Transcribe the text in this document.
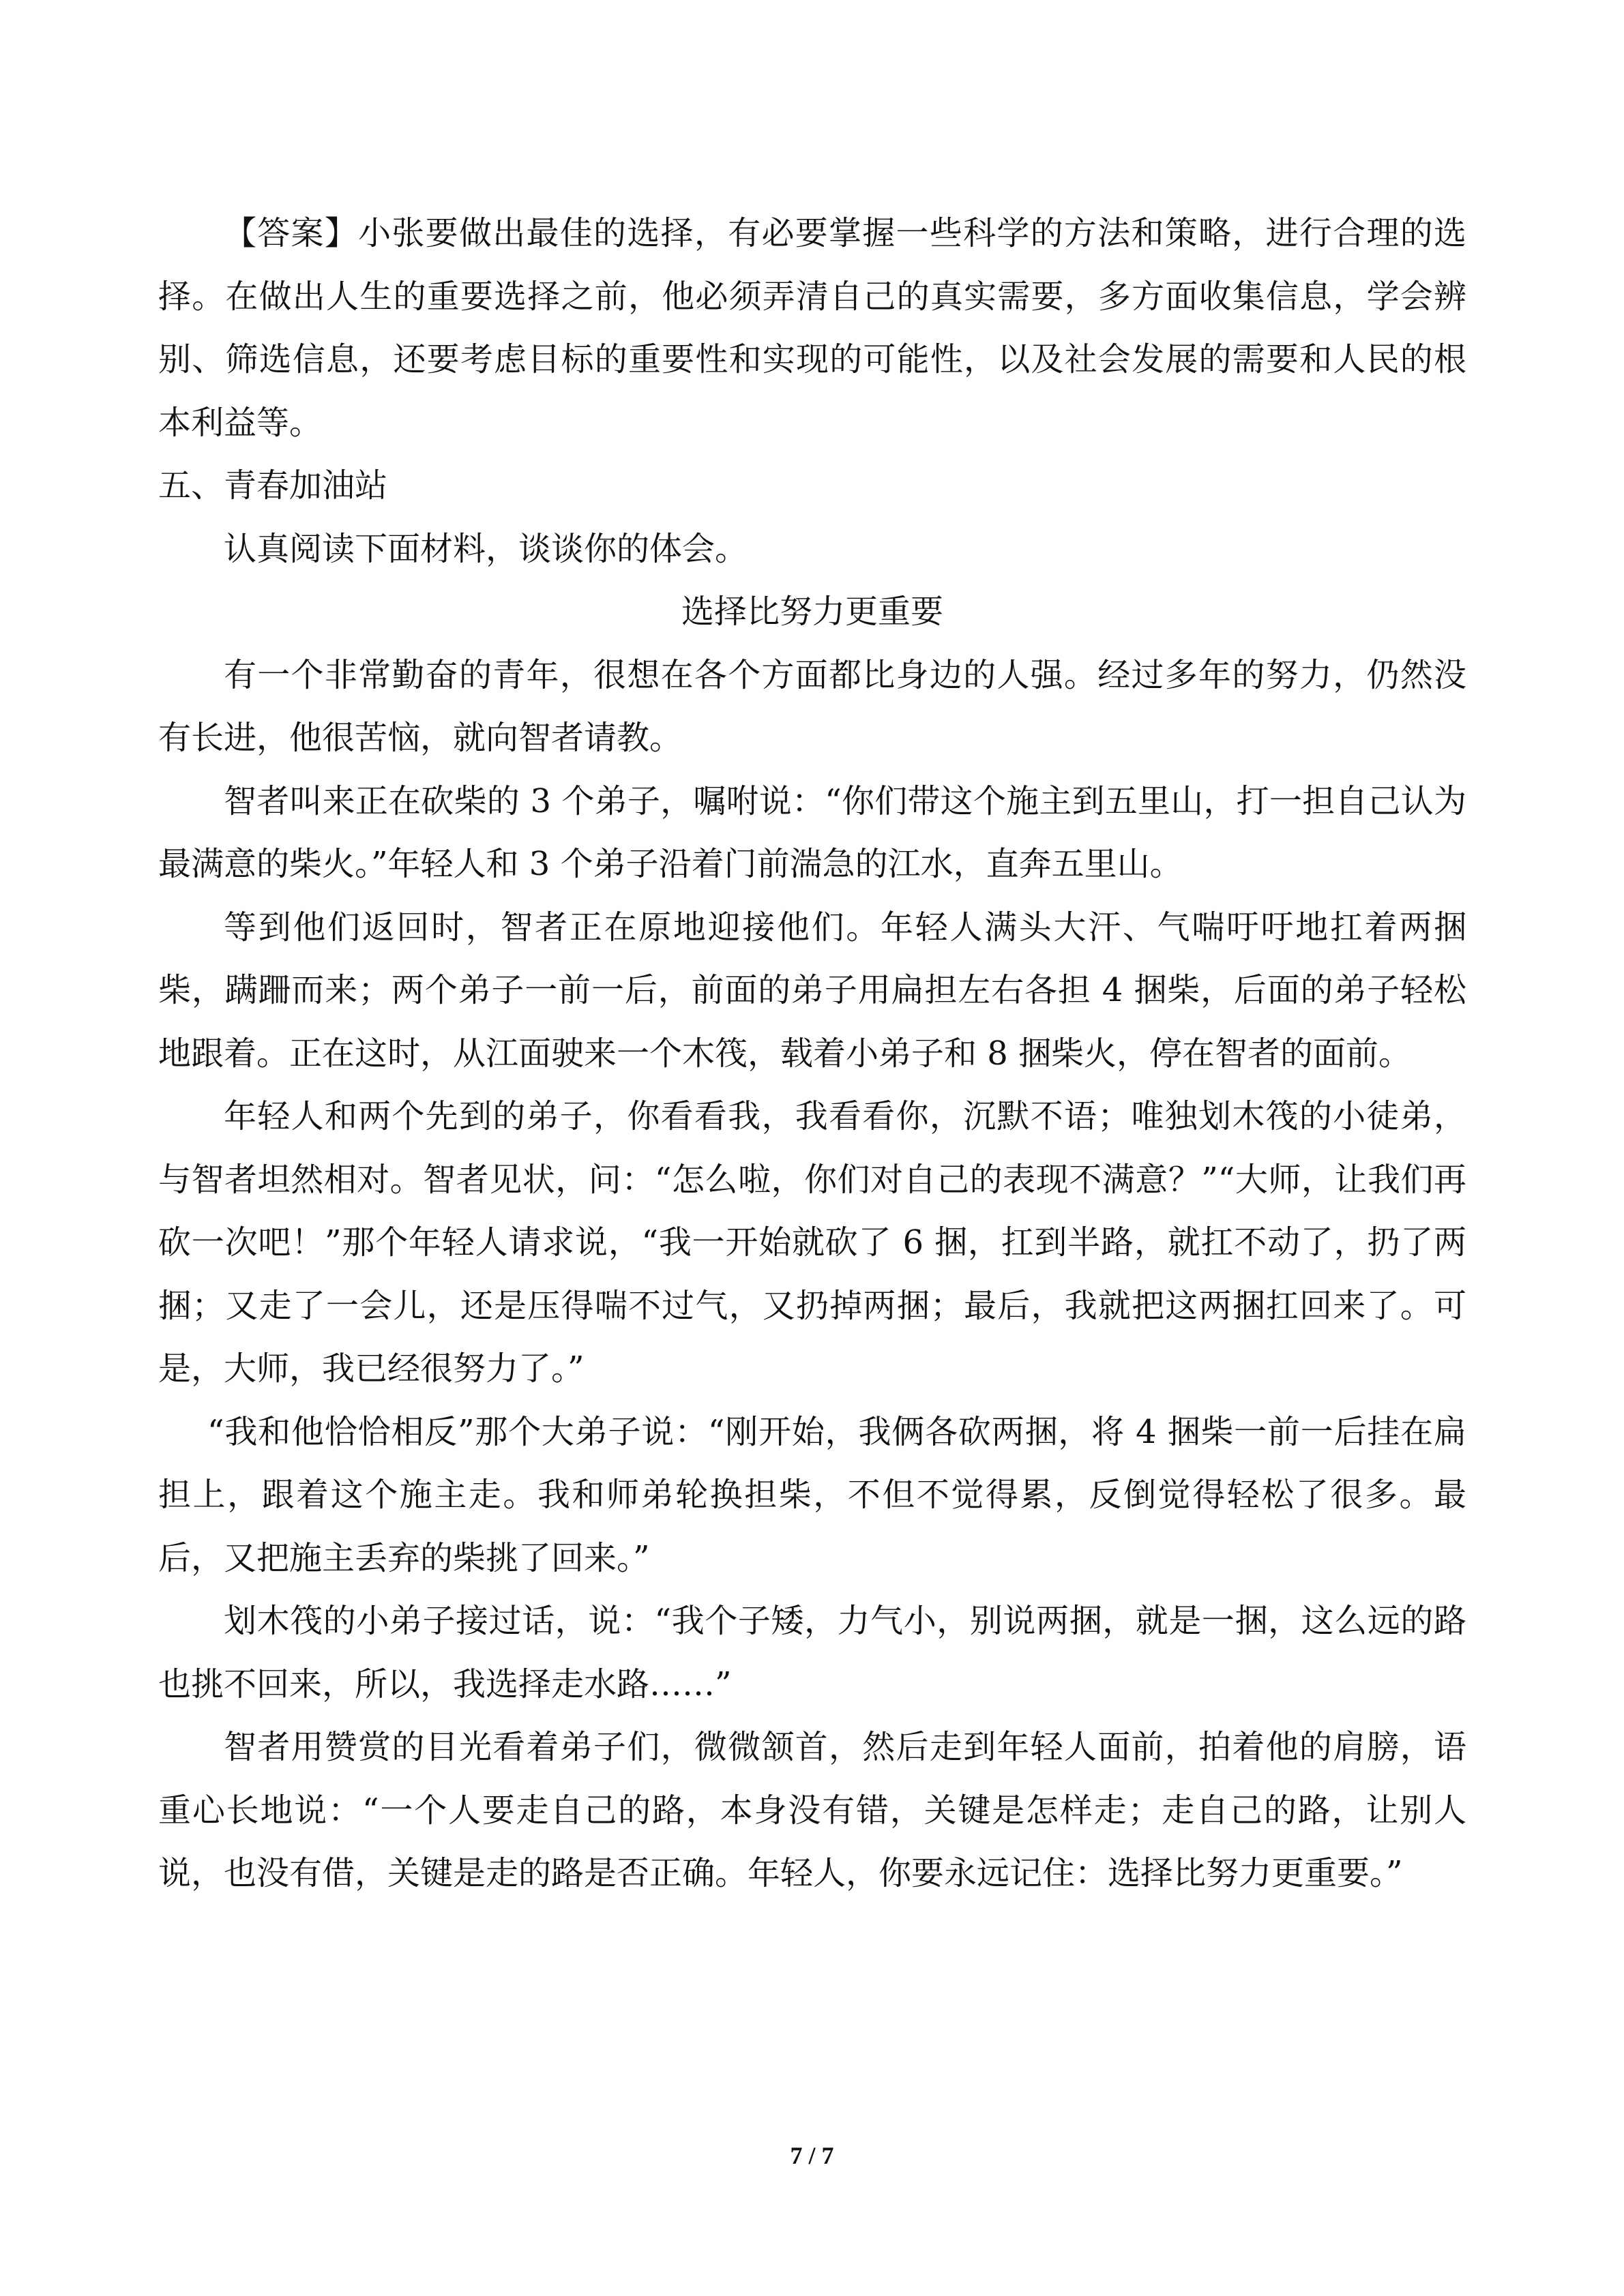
【答案】小张要做出最佳的选择，有必要掌握一些科学的方法和策略，进行合理的选择。在做出人生的重要选择之前，他必须弄清自己的真实需要，多方面收集信息，学会辨别、筛选信息，还要考虑目标的重要性和实现的可能性，以及社会发展的需要和人民的根本利益等。

五、青春加油站

认真阅读下面材料，谈谈你的体会。

选择比努力更重要

有一个非常勤奋的青年，很想在各个方面都比身边的人强。经过多年的努力，仍然没有长进，他很苦恼，就向智者请教。

智者叫来正在砍柴的 3 个弟子，嘱咐说：“你们带这个施主到五里山，打一担自己认为最满意的柴火。”年轻人和 3 个弟子沿着门前湍急的江水，直奔五里山。

等到他们返回时，智者正在原地迎接他们。年轻人满头大汗、气喘吁吁地扛着两捆柴，蹒跚而来；两个弟子一前一后，前面的弟子用扁担左右各担 4 捆柴，后面的弟子轻松地跟着。正在这时，从江面驶来一个木筏，载着小弟子和 8 捆柴火，停在智者的面前。

年轻人和两个先到的弟子，你看看我，我看看你，沉默不语；唯独划木筏的小徒弟，与智者坦然相对。智者见状，问：“怎么啦，你们对自己的表现不满意？”“大师，让我们再砍一次吧！”那个年轻人请求说，“我一开始就砍了 6 捆，扛到半路，就扛不动了，扔了两捆；又走了一会儿，还是压得喘不过气，又扔掉两捆；最后，我就把这两捆扛回来了。可是，大师，我已经很努力了。”

“我和他恰恰相反”那个大弟子说：“刚开始，我俩各砍两捆，将 4 捆柴一前一后挂在扁担上，跟着这个施主走。我和师弟轮换担柴，不但不觉得累，反倒觉得轻松了很多。最后，又把施主丢弃的柴挑了回来。”

划木筏的小弟子接过话，说：“我个子矮，力气小，别说两捆，就是一捆，这么远的路也挑不回来，所以，我选择走水路……”

智者用赞赏的目光看着弟子们，微微颔首，然后走到年轻人面前，拍着他的肩膀，语重心长地说：“一个人要走自己的路，本身没有错，关键是怎样走；走自己的路，让别人说，也没有借，关键是走的路是否正确。年轻人，你要永远记住：选择比努力更重要。”

7 / 7
